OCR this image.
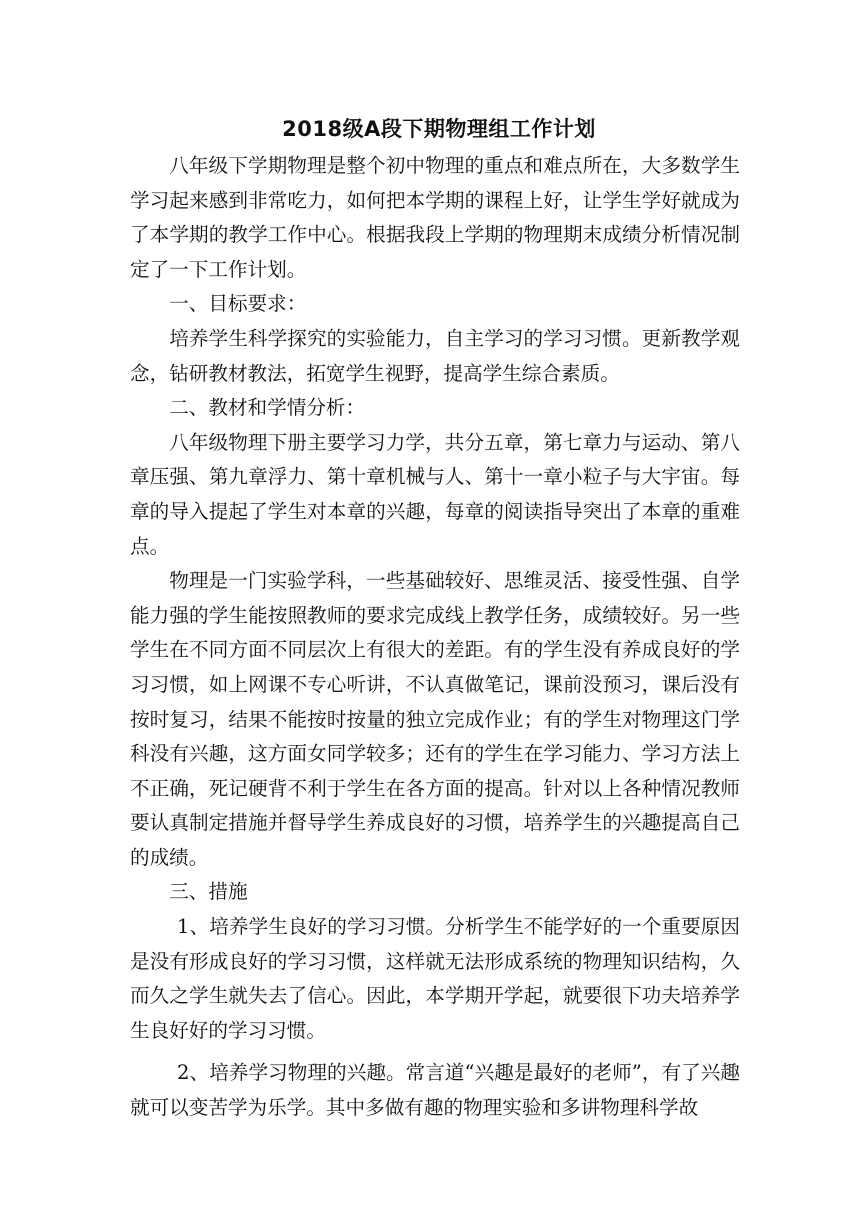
2018级A段下期物理组工作计划

八年级下学期物理是整个初中物理的重点和难点所在，大多数学生学习起来感到非常吃力，如何把本学期的课程上好，让学生学好就成为了本学期的教学工作中心。根据我段上学期的物理期末成绩分析情况制定了一下工作计划。

一、目标要求：

培养学生科学探究的实验能力，自主学习的学习习惯。更新教学观念，钻研教材教法，拓宽学生视野，提高学生综合素质。

二、教材和学情分析：

八年级物理下册主要学习力学，共分五章，第七章力与运动、第八章压强、第九章浮力、第十章机械与人、第十一章小粒子与大宇宙。每章的导入提起了学生对本章的兴趣，每章的阅读指导突出了本章的重难点。

物理是一门实验学科，一些基础较好、思维灵活、接受性强、自学能力强的学生能按照教师的要求完成线上教学任务，成绩较好。另一些学生在不同方面不同层次上有很大的差距。有的学生没有养成良好的学习习惯，如上网课不专心听讲，不认真做笔记，课前没预习，课后没有按时复习，结果不能按时按量的独立完成作业；有的学生对物理这门学科没有兴趣，这方面女同学较多；还有的学生在学习能力、学习方法上不正确，死记硬背不利于学生在各方面的提高。针对以上各种情况教师要认真制定措施并督导学生养成良好的习惯，培养学生的兴趣提高自己的成绩。

三、措施

1、培养学生良好的学习习惯。分析学生不能学好的一个重要原因是没有形成良好的学习习惯，这样就无法形成系统的物理知识结构，久而久之学生就失去了信心。因此，本学期开学起，就要很下功夫培养学生良好好的学习习惯。

2、培养学习物理的兴趣。常言道“兴趣是最好的老师”，有了兴趣就可以变苦学为乐学。其中多做有趣的物理实验和多讲物理科学故
